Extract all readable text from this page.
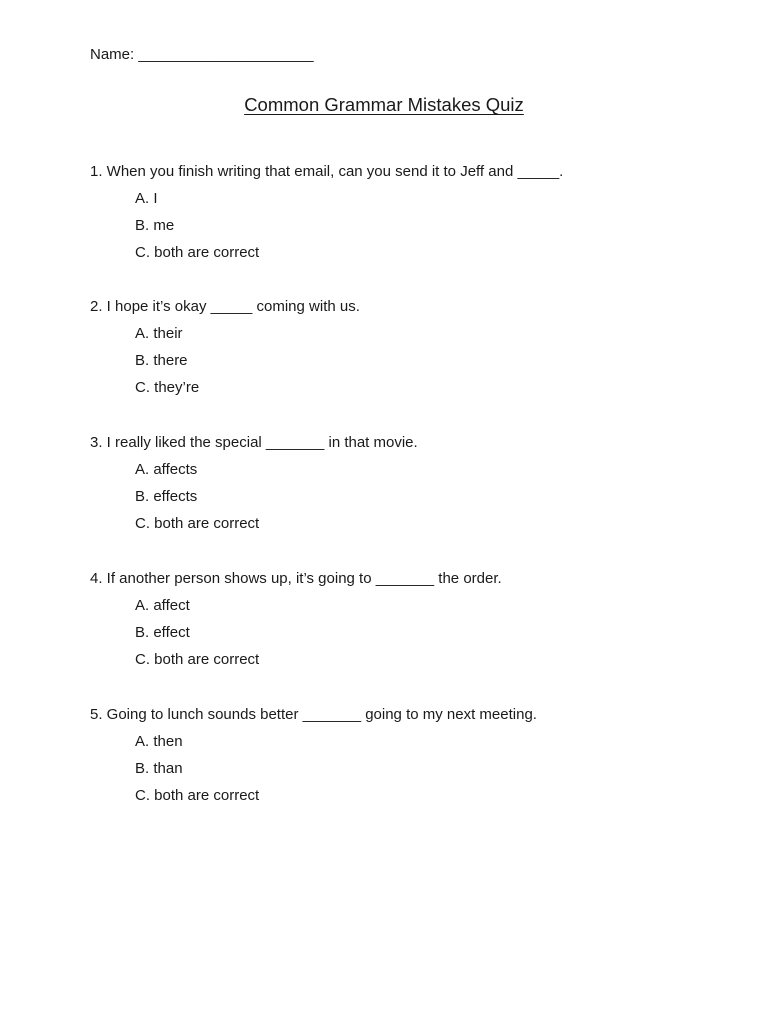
Name: _____________________
Common Grammar Mistakes Quiz
1. When you finish writing that email, can you send it to Jeff and _____.
A. I
B. me
C. both are correct
2. I hope it’s okay _____ coming with us.
A. their
B. there
C. they’re
3. I really liked the special _______ in that movie.
A. affects
B. effects
C. both are correct
4. If another person shows up, it’s going to _______ the order.
A. affect
B. effect
C. both are correct
5. Going to lunch sounds better _______ going to my next meeting.
A. then
B. than
C. both are correct
